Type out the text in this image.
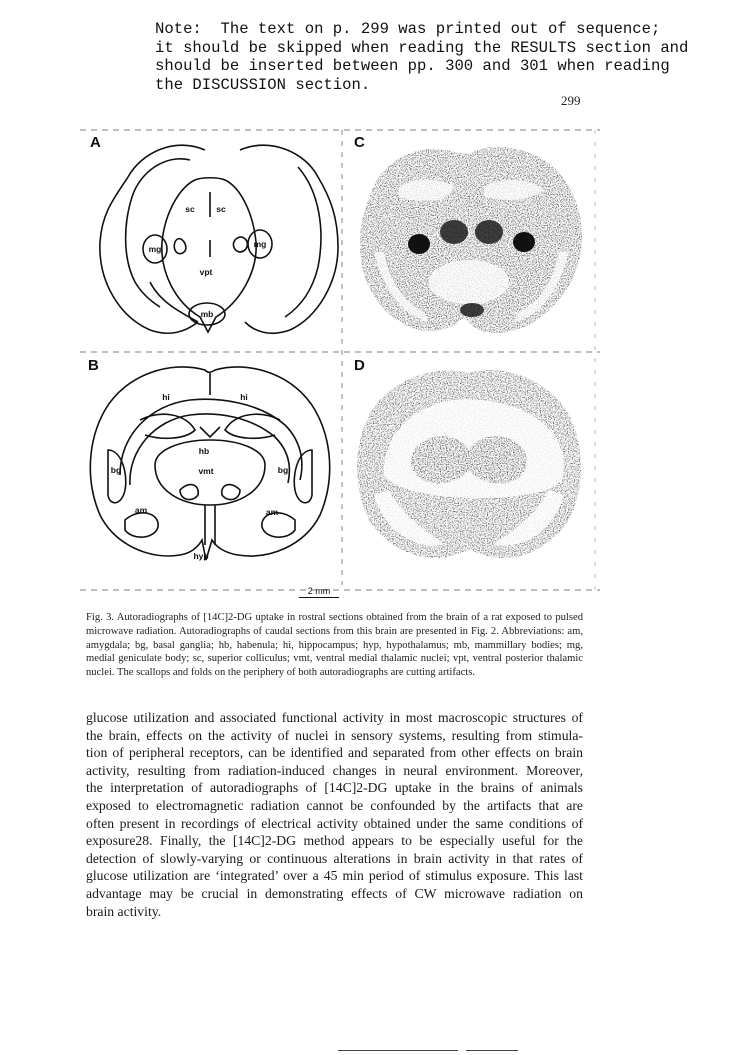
Note:  The text on p. 299 was printed out of sequence;
it should be skipped when reading the RESULTS section and
should be inserted between pp. 300 and 301 when reading
the DISCUSSION section.
299
A
sc	sc
mg	mg
vpt
mb
C
B
hi	hi
hb
vmt
bg	bg
am	am
hyp
D
2 mm
Fig. 3. Autoradiographs of [14C]2-DG uptake in rostral sections obtained from the brain of a rat exposed to pulsed microwave radiation. Autoradiographs of caudal sections from this brain are presented in Fig. 2. Abbreviations: am, amygdala; bg, basal ganglia; hb, habenula; hi, hippocampus; hyp, hypothalamus; mb, mammillary bodies; mg, medial geniculate body; sc, superior colliculus; vmt, ventral medial thalamic nuclei; vpt, ventral posterior thalamic nuclei. The scallops and folds on the periphery of both autoradiographs are cutting artifacts.
glucose utilization and associated functional activity in most macroscopic structures of
the brain, effects on the activity of nuclei in sensory systems, resulting from stimula-
tion of peripheral receptors, can be identified and separated from other effects on brain
activity, resulting from radiation-induced changes in neural environment. Moreover,
the interpretation of autoradiographs of [14C]2-DG uptake in the brains of animals
exposed to electromagnetic radiation cannot be confounded by the artifacts that are
often present in recordings of electrical activity obtained under the same conditions of
exposure28. Finally, the [14C]2-DG method appears to be especially useful for the
detection of slowly-varying or continuous alterations in brain activity in that rates of
glucose utilization are ‘integrated’ over a 45 min period of stimulus exposure. This last
advantage may be crucial in demonstrating effects of CW microwave radiation on
brain activity.
